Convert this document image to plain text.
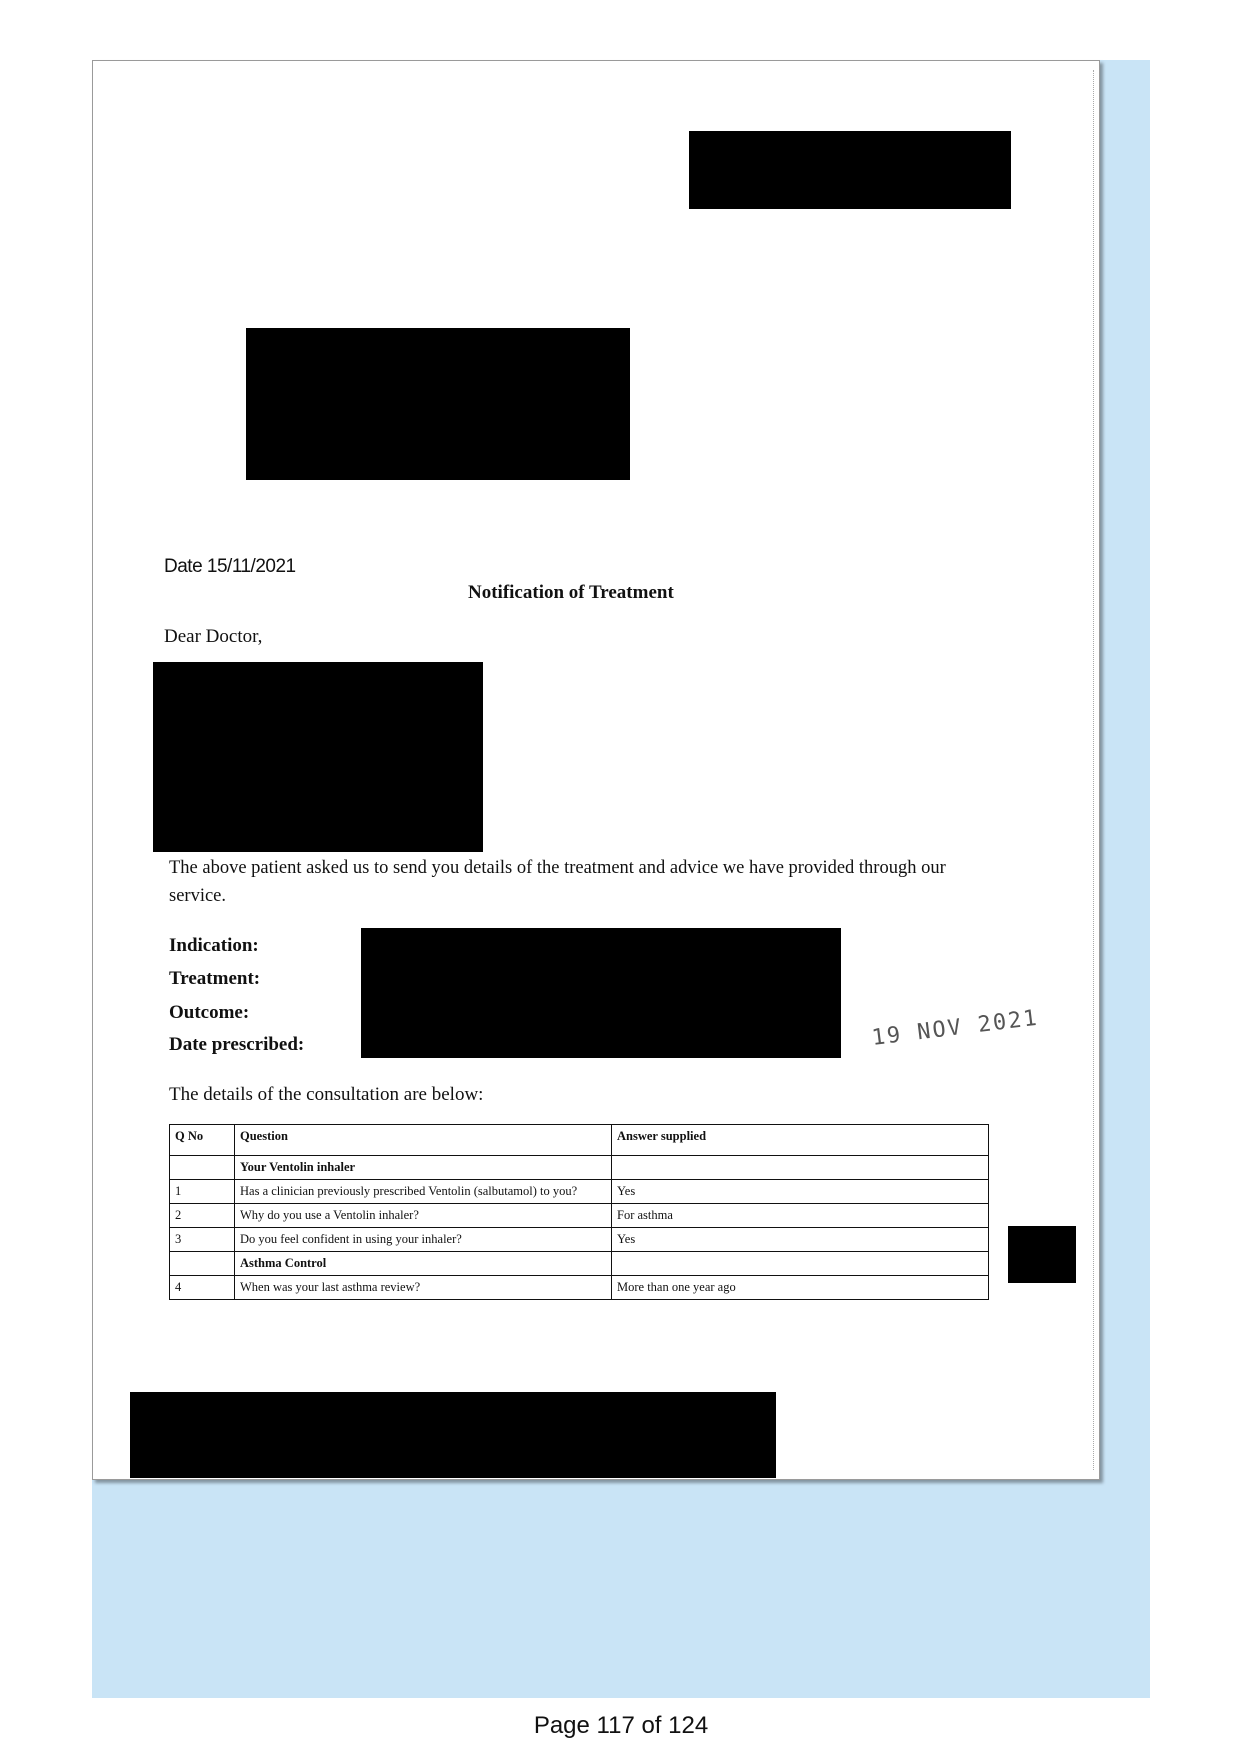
Date 15/11/2021
Notification of Treatment
Dear Doctor,
The above patient asked us to send you details of the treatment and advice we have provided through our service.
Indication:
Treatment:
Outcome:
Date prescribed:	19 NOV 2021
The details of the consultation are below:
Q No	Question	Answer supplied
	Your Ventolin inhaler	
1	Has a clinician previously prescribed Ventolin (salbutamol) to you?	Yes
2	Why do you use a Ventolin inhaler?	For asthma
3	Do you feel confident in using your inhaler?	Yes
	Asthma Control	
4	When was your last asthma review?	More than one year ago
Page 117 of 124
